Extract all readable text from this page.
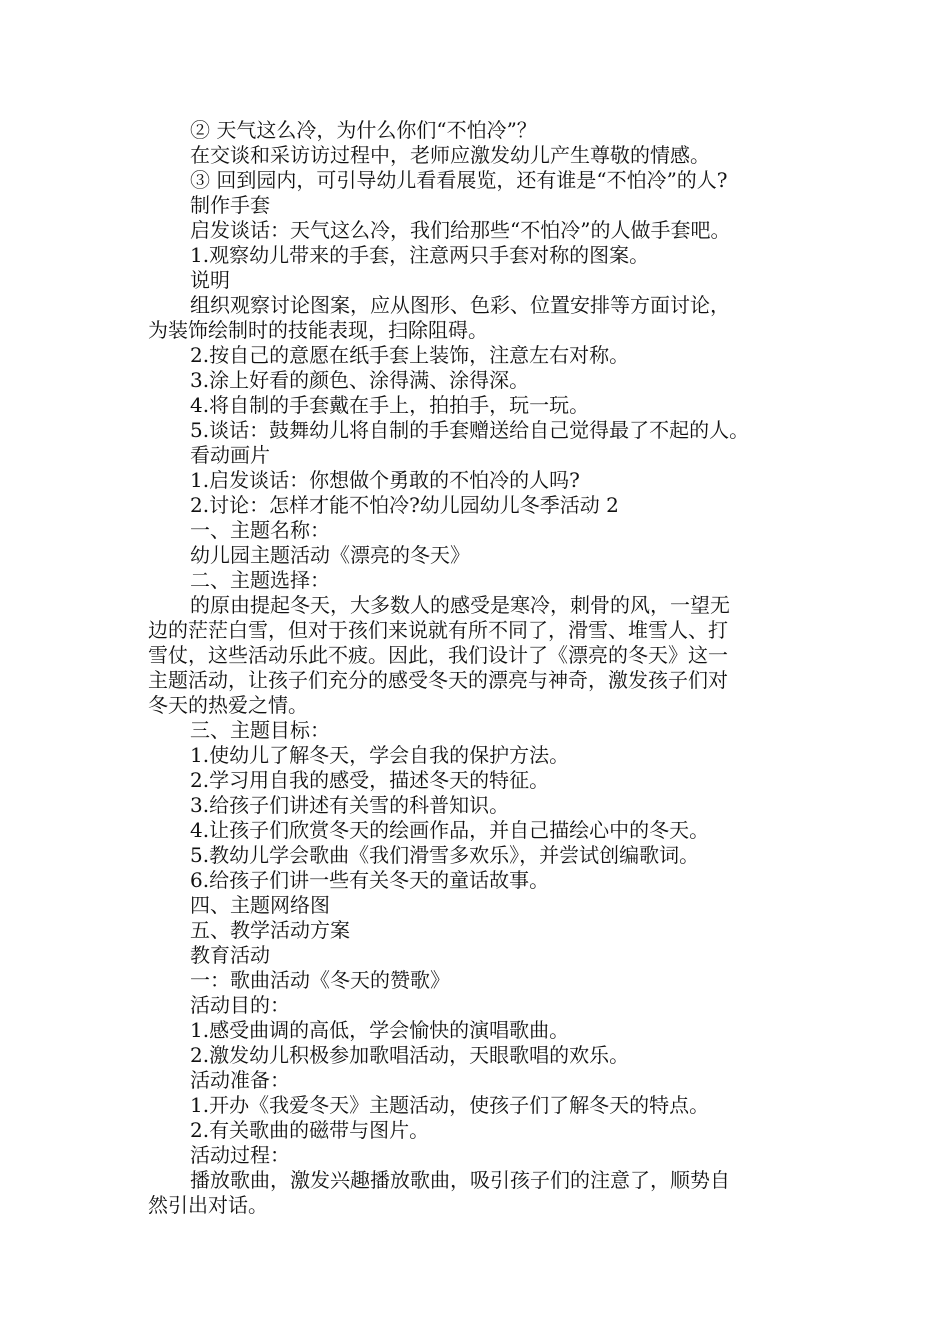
② 天气这么冷，为什么你们“不怕冷”？
在交谈和采访访过程中，老师应激发幼儿产生尊敬的情感。
③ 回到园内，可引导幼儿看看展览，还有谁是“不怕冷”的人?
制作手套
启发谈话：天气这么冷，我们给那些“不怕冷”的人做手套吧。
1.观察幼儿带来的手套，注意两只手套对称的图案。
说明
组织观察讨论图案，应从图形、色彩、位置安排等方面讨论，
为装饰绘制时的技能表现，扫除阻碍。
2.按自己的意愿在纸手套上装饰，注意左右对称。
3.涂上好看的颜色、涂得满、涂得深。
4.将自制的手套戴在手上，拍拍手，玩一玩。
5.谈话：鼓舞幼儿将自制的手套赠送给自己觉得最了不起的人。
看动画片
1.启发谈话：你想做个勇敢的不怕冷的人吗?
2.讨论：怎样才能不怕冷?幼儿园幼儿冬季活动 2
一、主题名称：
幼儿园主题活动《漂亮的冬天》
二、主题选择：
的原由提起冬天，大多数人的感受是寒冷，刺骨的风，一望无
边的茫茫白雪，但对于孩们来说就有所不同了，滑雪、堆雪人、打
雪仗，这些活动乐此不疲。因此，我们设计了《漂亮的冬天》这一
主题活动，让孩子们充分的感受冬天的漂亮与神奇，激发孩子们对
冬天的热爱之情。
三、主题目标：
1.使幼儿了解冬天，学会自我的保护方法。
2.学习用自我的感受，描述冬天的特征。
3.给孩子们讲述有关雪的科普知识。
4.让孩子们欣赏冬天的绘画作品，并自己描绘心中的冬天。
5.教幼儿学会歌曲《我们滑雪多欢乐》，并尝试创编歌词。
6.给孩子们讲一些有关冬天的童话故事。
四、主题网络图
五、教学活动方案
教育活动
一：歌曲活动《冬天的赞歌》
活动目的：
1.感受曲调的高低，学会愉快的演唱歌曲。
2.激发幼儿积极参加歌唱活动，天眼歌唱的欢乐。
活动准备：
1.开办《我爱冬天》主题活动，使孩子们了解冬天的特点。
2.有关歌曲的磁带与图片。
活动过程：
播放歌曲，激发兴趣播放歌曲，吸引孩子们的注意了，顺势自
然引出对话。
